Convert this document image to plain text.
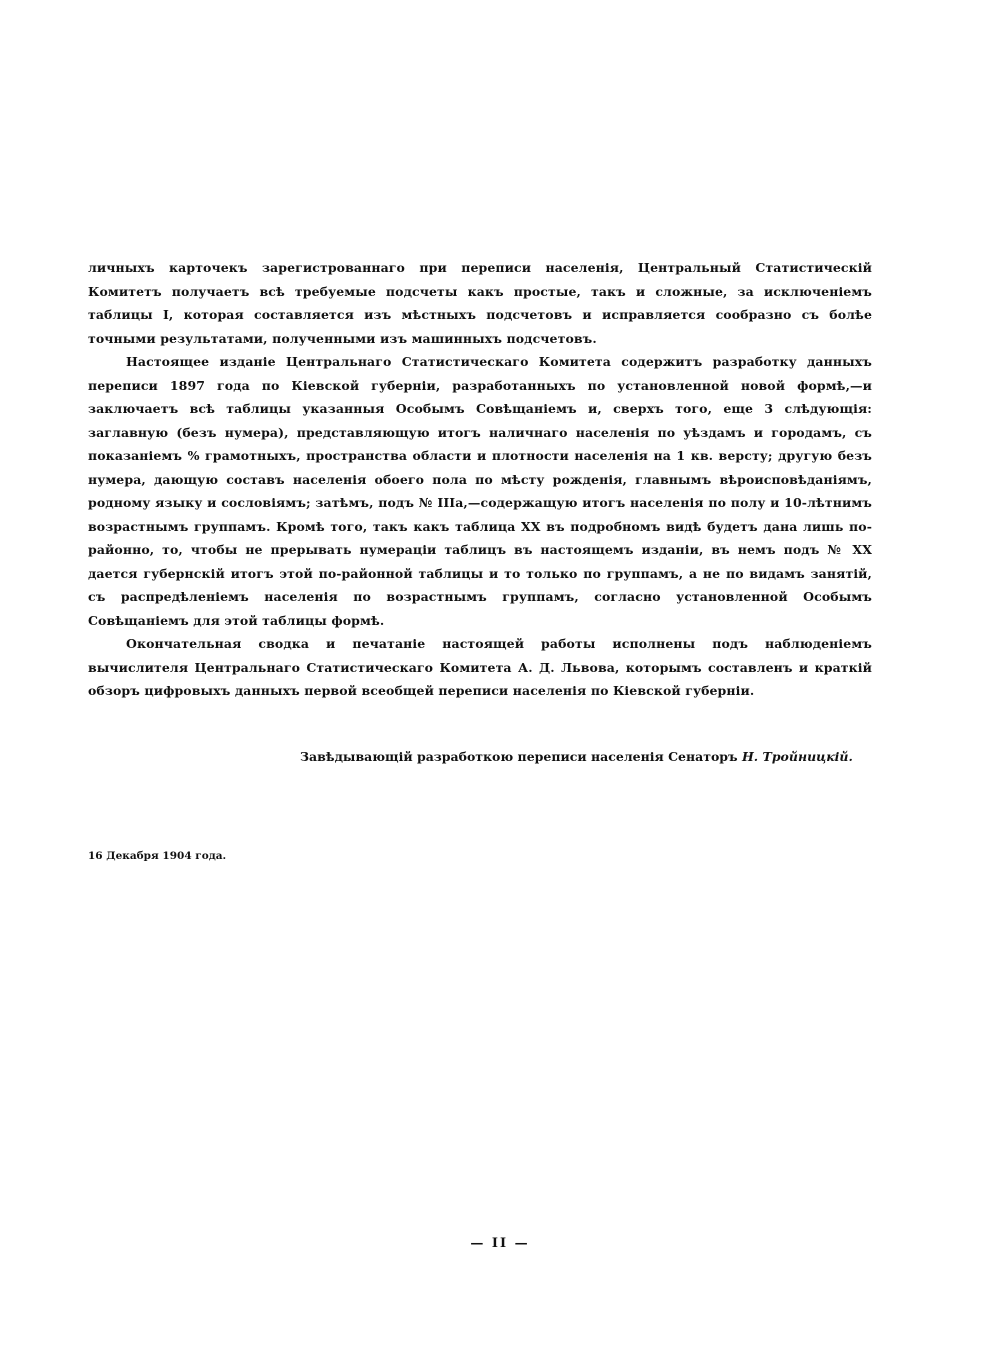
личныхъ карточекъ зарегистрованнаго при переписи населенія, Центральный Статистическій Комитетъ получаетъ всѣ требуемые подсчеты какъ простые, такъ и сложные, за исключеніемъ таблицы I, которая составляется изъ мѣстныхъ подсчетовъ и исправляется сообразно съ болѣе точными результатами, полученными изъ машинныхъ подсчетовъ.

Настоящее изданіе Центральнаго Статистическаго Комитета содержитъ разработку данныхъ переписи 1897 года по Кіевской губерніи, разработанныхъ по установленной новой формѣ,—и заключаетъ всѣ таблицы указанныя Особымъ Совѣщаніемъ и, сверхъ того, еще 3 слѣдующія: заглавную (безъ нумера), представляющую итогъ наличнаго населенія по уѣздамъ и городамъ, съ показаніемъ % грамотныхъ, пространства области и плотности населенія на 1 кв. версту; другую безъ нумера, дающую составъ населенія обоего пола по мѣсту рожденія, главнымъ вѣроисповѣданіямъ, родному языку и сословіямъ; затѣмъ, подъ № IIIа,—содержащую итогъ населенія по полу и 10-лѣтнимъ возрастнымъ группамъ. Кромѣ того, такъ какъ таблица XX въ подробномъ видѣ будетъ дана лишь по-районно, то, чтобы не прерывать нумераціи таблицъ въ настоящемъ изданіи, въ немъ подъ № XX дается губернскій итогъ этой по-районной таблицы и то только по группамъ, а не по видамъ занятій, съ распредѣленіемъ населенія по возрастнымъ группамъ, согласно установленной Особымъ Совѣщаніемъ для этой таблицы формѣ.

Окончательная сводка и печатаніе настоящей работы исполнены подъ наблюденіемъ вычислителя Центральнаго Статистическаго Комитета А. Д. Львова, которымъ составленъ и краткій обзоръ цифровыхъ данныхъ первой всеобщей переписи населенія по Кіевской губерніи.

Завѣдывающій разработкою переписи населенія Сенаторъ Н. Тройницкій.
16 Декабря 1904 года.
— II —
